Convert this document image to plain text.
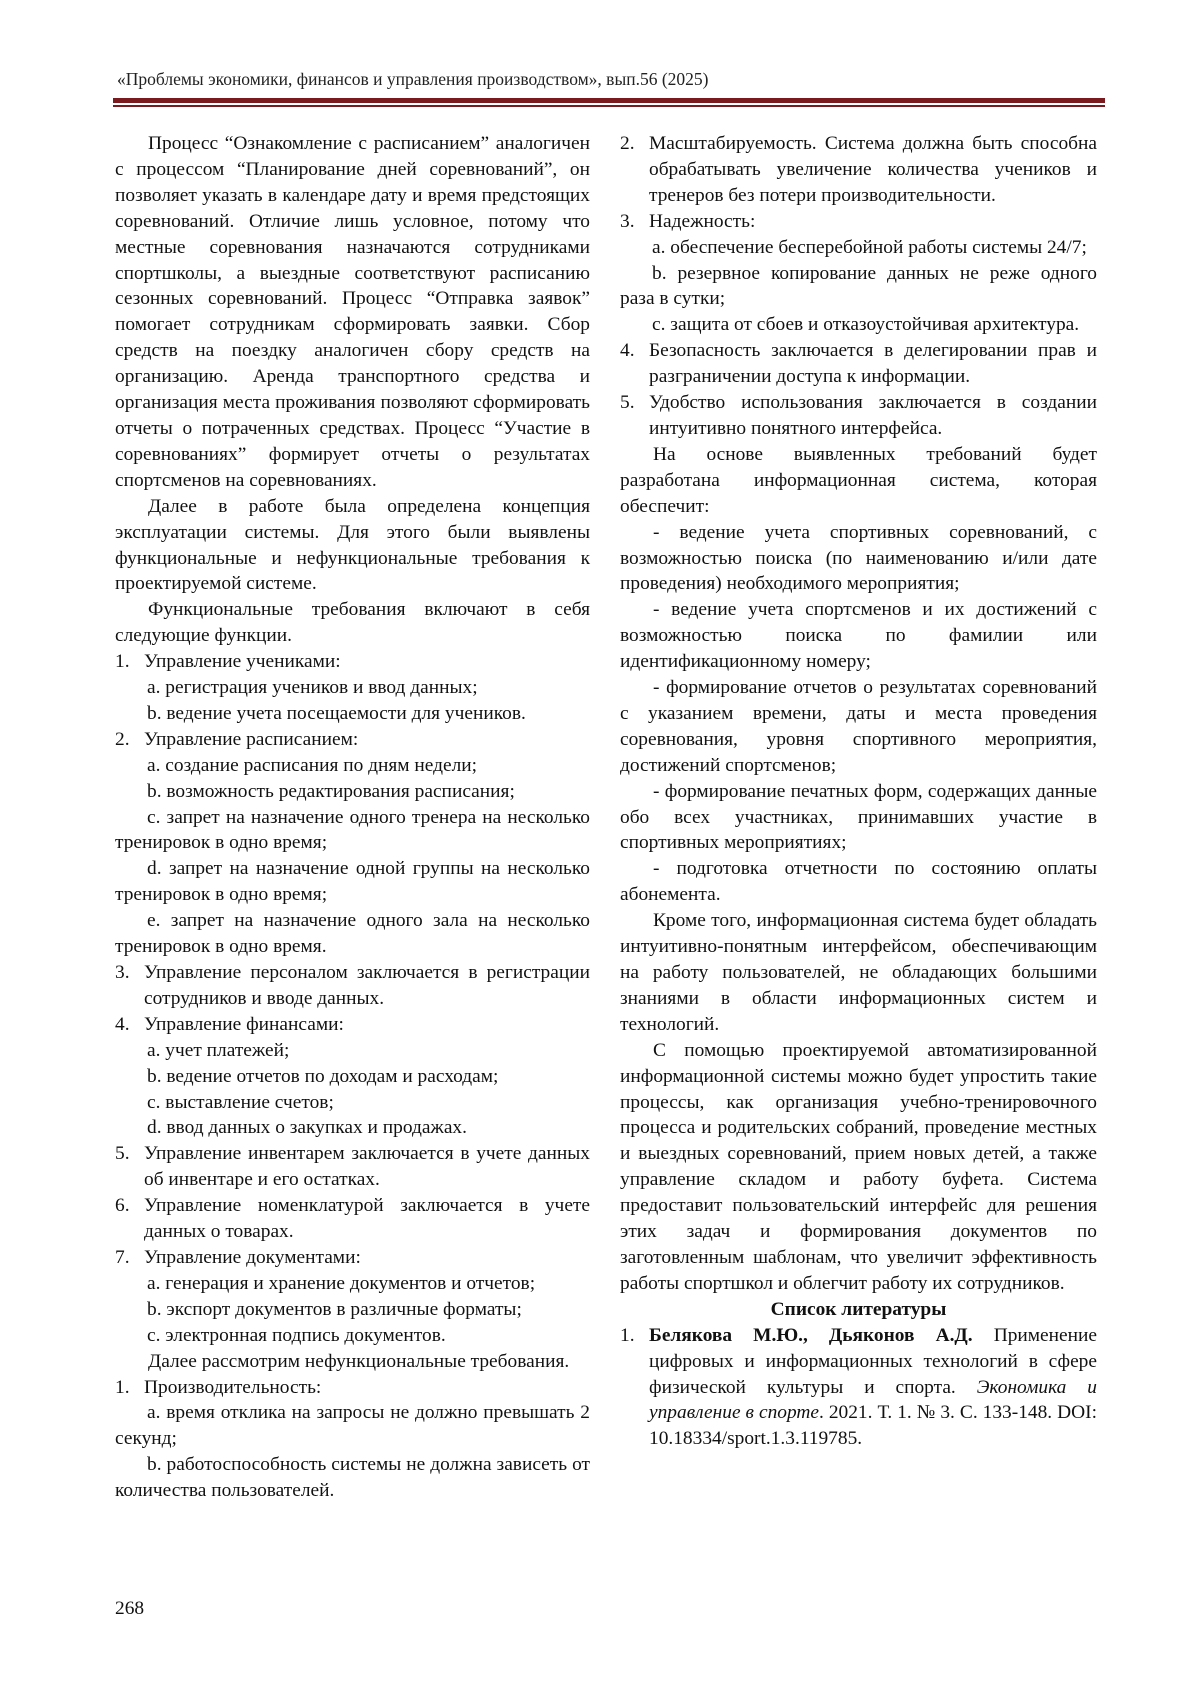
«Проблемы экономики, финансов и управления производством», вып.56 (2025)

Процесс “Ознакомление с расписанием” аналогичен с процессом “Планирование дней соревнований”, он позволяет указать в календаре дату и время предстоящих соревнований. Отличие лишь условное, потому что местные соревнования назначаются сотрудниками спортшколы, а выездные соответствуют расписанию сезонных соревнований. Процесс “Отправка заявок” помогает сотрудникам сформировать заявки. Сбор средств на поездку аналогичен сбору средств на организацию. Аренда транспортного средства и организация места проживания позволяют сформировать отчеты о потраченных средствах. Процесс “Участие в соревнованиях” формирует отчеты о результатах спортсменов на соревнованиях.

Далее в работе была определена концепция эксплуатации системы. Для этого были выявлены функциональные и нефункциональные требования к проектируемой системе.

Функциональные требования включают в себя следующие функции.

1. Управление учениками:
a. регистрация учеников и ввод данных;
b. ведение учета посещаемости для учеников.
2. Управление расписанием:
a. создание расписания по дням недели;
b. возможность редактирования расписания;
c. запрет на назначение одного тренера на несколько тренировок в одно время;
d. запрет на назначение одной группы на несколько тренировок в одно время;
e. запрет на назначение одного зала на несколько тренировок в одно время.
3. Управление персоналом заключается в регистрации сотрудников и вводе данных.
4. Управление финансами:
a. учет платежей;
b. ведение отчетов по доходам и расходам;
c. выставление счетов;
d. ввод данных о закупках и продажах.
5. Управление инвентарем заключается в учете данных об инвентаре и его остатках.
6. Управление номенклатурой заключается в учете данных о товарах.
7. Управление документами:
a. генерация и хранение документов и отчетов;
b. экспорт документов в различные форматы;
c. электронная подпись документов.

Далее рассмотрим нефункциональные требования.

1. Производительность:
a. время отклика на запросы не должно превышать 2 секунд;
b. работоспособность системы не должна зависеть от количества пользователей.
2. Масштабируемость. Система должна быть способна обрабатывать увеличение количества учеников и тренеров без потери производительности.
3. Надежность:
a. обеспечение бесперебойной работы системы 24/7;
b. резервное копирование данных не реже одного раза в сутки;
c. защита от сбоев и отказоустойчивая архитектура.
4. Безопасность заключается в делегировании прав и разграничении доступа к информации.
5. Удобство использования заключается в создании интуитивно понятного интерфейса.

На основе выявленных требований будет разработана информационная система, которая обеспечит:

- ведение учета спортивных соревнований, с возможностью поиска (по наименованию и/или дате проведения) необходимого мероприятия;

- ведение учета спортсменов и их достижений с возможностью поиска по фамилии или идентификационному номеру;

- формирование отчетов о результатах соревнований с указанием времени, даты и места проведения соревнования, уровня спортивного мероприятия, достижений спортсменов;

- формирование печатных форм, содержащих данные обо всех участниках, принимавших участие в спортивных мероприятиях;

- подготовка отчетности по состоянию оплаты абонемента.

Кроме того, информационная система будет обладать интуитивно-понятным интерфейсом, обеспечивающим на работу пользователей, не обладающих большими знаниями в области информационных систем и технологий.

С помощью проектируемой автоматизированной информационной системы можно будет упростить такие процессы, как организация учебно-тренировочного процесса и родительских собраний, проведение местных и выездных соревнований, прием новых детей, а также управление складом и работу буфета. Система предоставит пользовательский интерфейс для решения этих задач и формирования документов по заготовленным шаблонам, что увеличит эффективность работы спортшкол и облегчит работу их сотрудников.

Список литературы
1. Белякова М.Ю., Дьяконов А.Д. Применение цифровых и информационных технологий в сфере физической культуры и спорта. Экономика и управление в спорте. 2021. Т. 1. № 3. С. 133-148. DOI: 10.18334/sport.1.3.119785.
268
